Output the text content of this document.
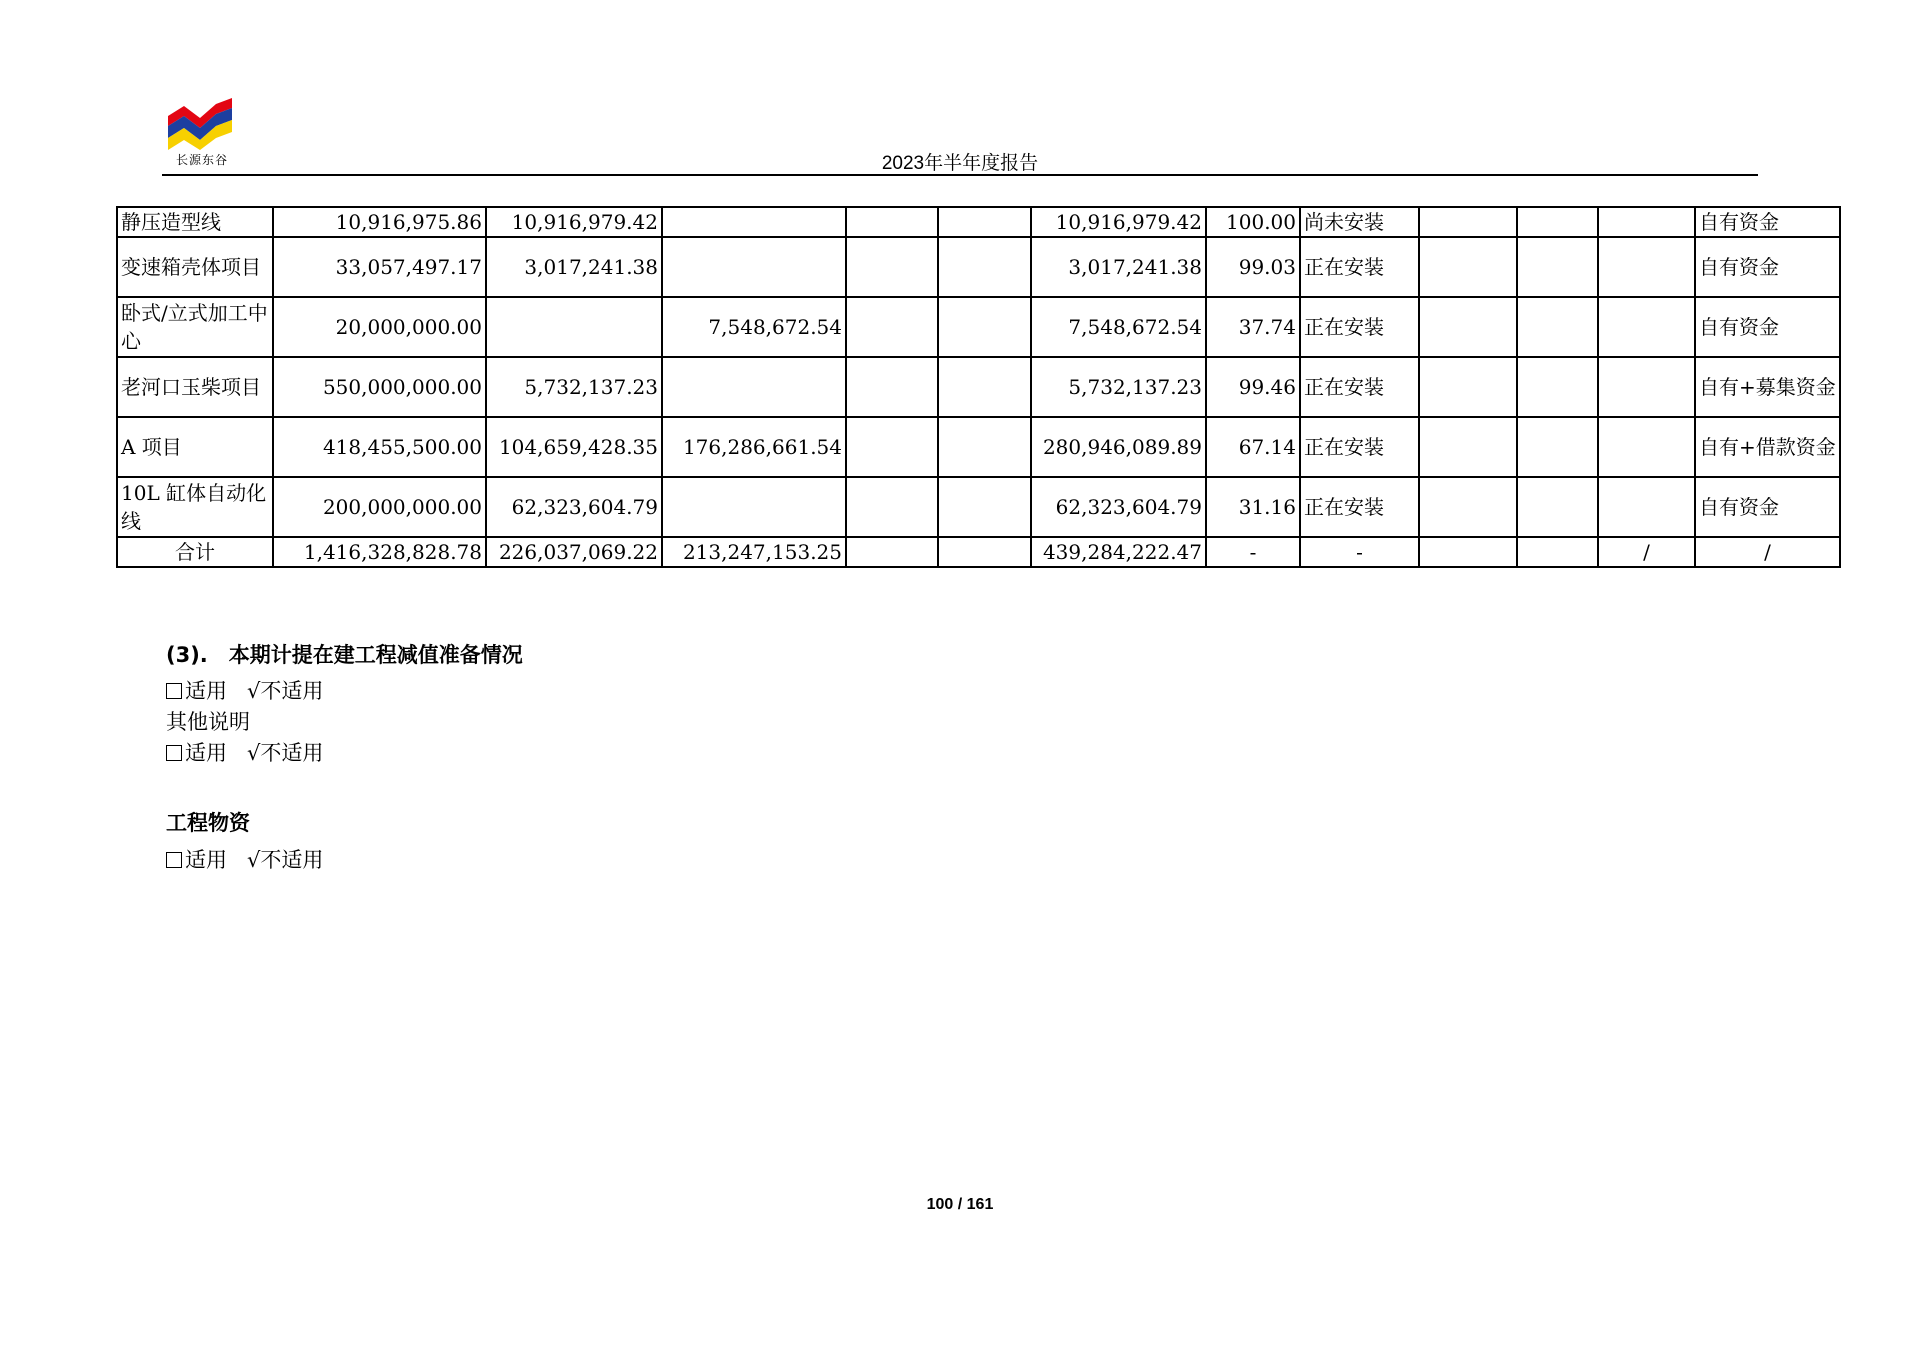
长源东谷	2023年半年度报告
静压造型线	10,916,975.86	10,916,979.42				10,916,979.42	100.00	尚未安装				自有资金
变速箱壳体项目	33,057,497.17	3,017,241.38				3,017,241.38	99.03	正在安装				自有资金
卧式/立式加工中心	20,000,000.00		7,548,672.54			7,548,672.54	37.74	正在安装				自有资金
老河口玉柴项目	550,000,000.00	5,732,137.23				5,732,137.23	99.46	正在安装				自有+募集资金
A 项目	418,455,500.00	104,659,428.35	176,286,661.54			280,946,089.89	67.14	正在安装				自有+借款资金
10L 缸体自动化线	200,000,000.00	62,323,604.79				62,323,604.79	31.16	正在安装				自有资金
合计	1,416,328,828.78	226,037,069.22	213,247,153.25			439,284,222.47	-	-			/	/
(3).　本期计提在建工程减值准备情况
适用 √不适用
其他说明
适用 √不适用
工程物资
适用 √不适用
100 / 161
